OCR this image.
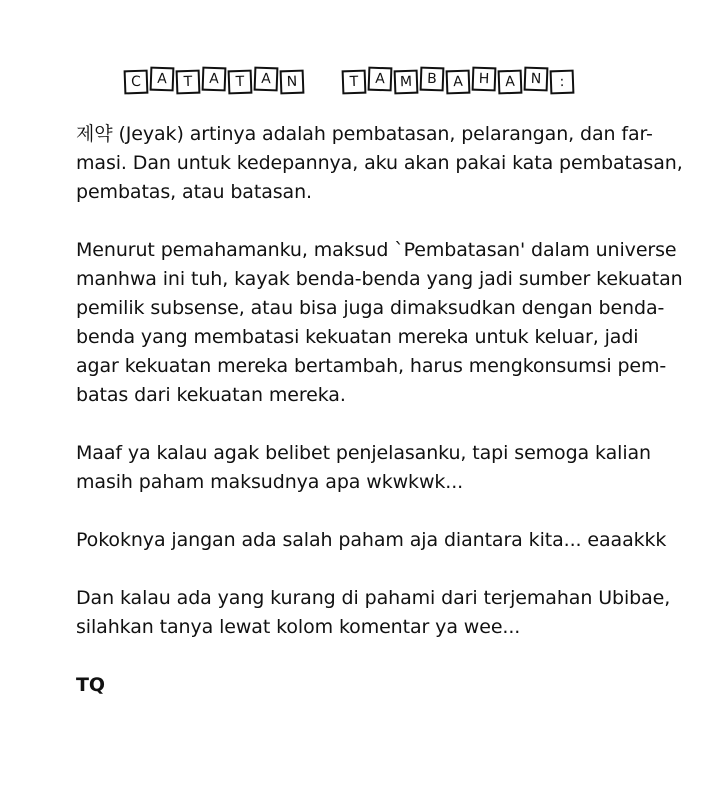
C	A	T	A	T	A	N	T	A	M	B	A	H	A	N	:

제약 (Jeyak) artinya adalah pembatasan, pelarangan, dan far-
masi. Dan untuk kedepannya, aku akan pakai kata pembatasan,
pembatas, atau batasan.

Menurut pemahamanku, maksud `Pembatasan' dalam universe
manhwa ini tuh, kayak benda-benda yang jadi sumber kekuatan
pemilik subsense, atau bisa juga dimaksudkan dengan benda-
benda yang membatasi kekuatan mereka untuk keluar, jadi
agar kekuatan mereka bertambah, harus mengkonsumsi pem-
batas dari kekuatan mereka.

Maaf ya kalau agak belibet penjelasanku, tapi semoga kalian
masih paham maksudnya apa wkwkwk...

Pokoknya jangan ada salah paham aja diantara kita... eaaakkk

Dan kalau ada yang kurang di pahami dari terjemahan Ubibae,
silahkan tanya lewat kolom komentar ya wee...

TQ
